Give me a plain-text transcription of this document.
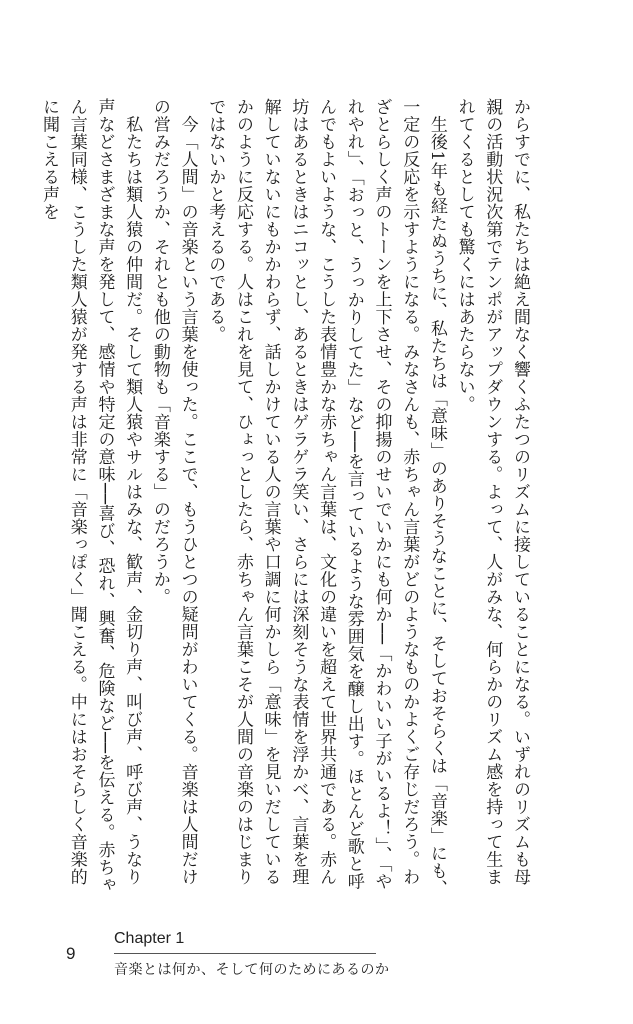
からすでに、私たちは絶え間なく響くふたつのリズムに接していることになる。いずれのリズムも母親の活動状況次第でテンポがアップダウンする。よって、人がみな、何らかのリズム感を持って生まれてくるとしても驚くにはあたらない。

　生後1年も経たぬうちに、私たちは「意味」のありそうなことに、そしておそらくは「音楽」にも、一定の反応を示すようになる。みなさんも、赤ちゃん言葉がどのようなものかよくご存じだろう。わざとらしく声のトーンを上下させ、その抑揚のせいでいかにも何か──「かわいい子がいるよ！」、「やれやれ」、「おっと、うっかりしてた」など──を言っているような雰囲気を醸し出す。ほとんど歌と呼んでもよいような、こうした表情豊かな赤ちゃん言葉は、文化の違いを超えて世界共通である。赤ん坊はあるときはニコッとし、あるときはゲラゲラ笑い、さらには深刻そうな表情を浮かべ、言葉を理解していないにもかかわらず、話しかけている人の言葉や口調に何かしら「意味」を見いだしているかのように反応する。人はこれを見て、ひょっとしたら、赤ちゃん言葉こそが人間の音楽のはじまりではないかと考えるのである。

　今「人間」の音楽という言葉を使った。ここで、もうひとつの疑問がわいてくる。音楽は人間だけの営みだろうか、それとも他の動物も「音楽する」のだろうか。

　私たちは類人猿の仲間だ。そして類人猿やサルはみな、歓声、金切り声、叫び声、呼び声、うなり声などさまざまな声を発して、感情や特定の意味──喜び、恐れ、興奮、危険など──を伝える。赤ちゃん言葉同様、こうした類人猿が発する声は非常に「音楽っぽく」聞こえる。中にはおそらしく音楽的に聞こえる声を

9
Chapter 1
音楽とは何か、そして何のためにあるのか
